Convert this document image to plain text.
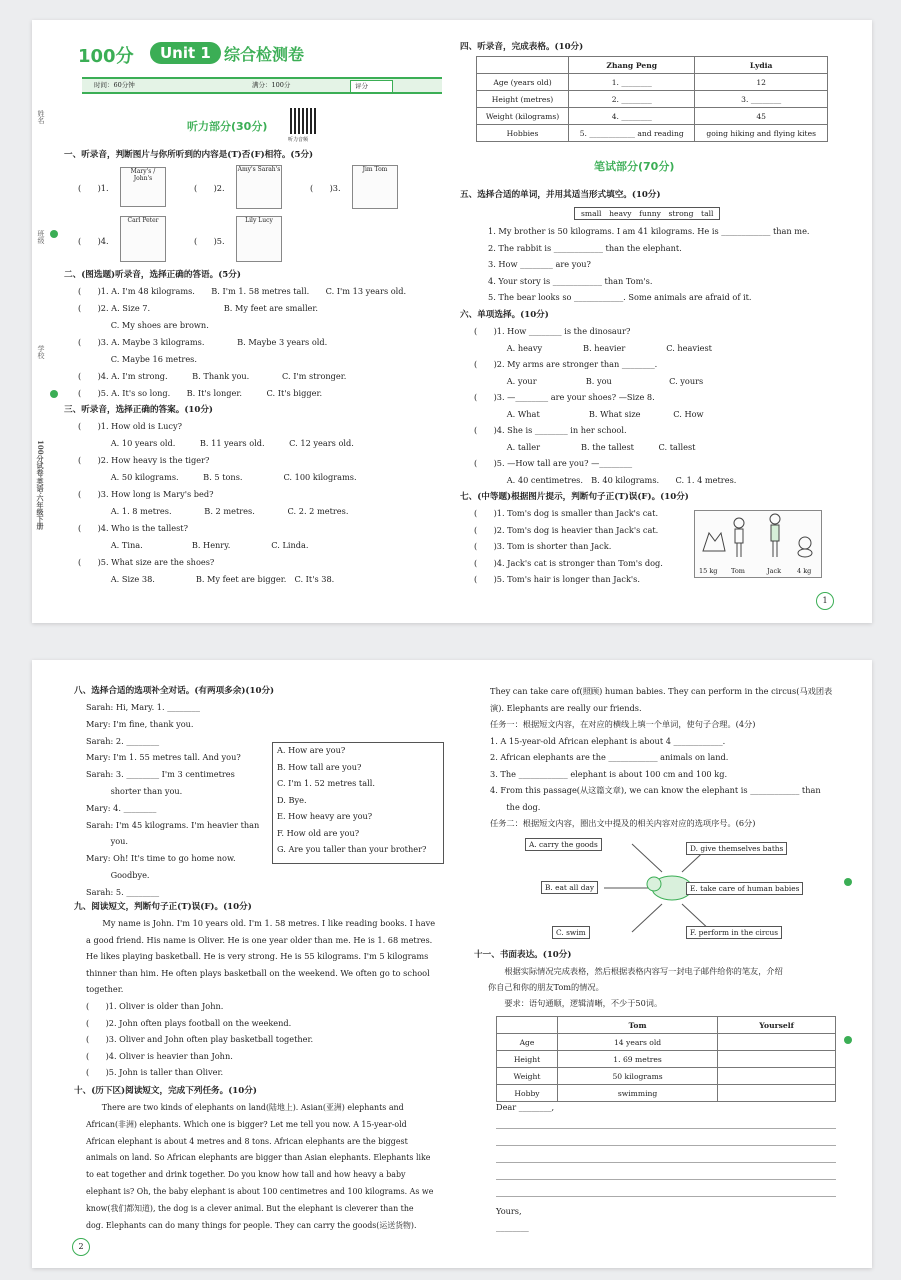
姓名
班级
学校
100分试卷·英语·六年级下册
100分	Unit 1 综合检测卷
时间：60分钟	满分：100分	评分
听力部分(30分)
听力音频
一、听录音，判断图片与你所听到的内容是(T)否(F)相符。(5分)
(　　)1.
Mary's / John's
(　　)2.
Amy's Sarah's
(　　)3.
Jim Tom
(　　)4.
Carl Peter
(　　)5.
Lily Lucy
二、(图选题)听录音，选择正确的答语。(5分)
(　　)1. A. I'm 48 kilograms.　　B. I'm 1. 58 metres tall.　　C. I'm 13 years old.
(　　)2. A. Size 7.　　　　　　　　　B. My feet are smaller.
　　　　C. My shoes are brown.
(　　)3. A. Maybe 3 kilograms.　　　　B. Maybe 3 years old.
　　　　C. Maybe 16 metres.
(　　)4. A. I'm strong.　　　B. Thank you.　　　　C. I'm stronger.
(　　)5. A. It's so long.　　B. It's longer.　　　C. It's bigger.
三、听录音，选择正确的答案。(10分)
(　　)1. How old is Lucy?
　　　　A. 10 years old.　　　B. 11 years old.　　　C. 12 years old.
(　　)2. How heavy is the tiger?
　　　　A. 50 kilograms.　　　B. 5 tons.　　　　　C. 100 kilograms.
(　　)3. How long is Mary's bed?
　　　　A. 1. 8 metres.　　　　B. 2 metres.　　　　C. 2. 2 metres.
(　　)4. Who is the tallest?
　　　　A. Tina.　　　　　　B. Henry.　　　　　C. Linda.
(　　)5. What size are the shoes?
　　　　A. Size 38.　　　　　B. My feet are bigger.　C. It's 38.
四、听录音，完成表格。(10分)
	Zhang Peng	Lydia
Age (years old)	1. ________	12
Height (metres)	2. ________	3. ________
Weight (kilograms)	4. ________	45
Hobbies	5. ____________ and reading	going hiking and flying kites
笔试部分(70分)
五、选择合适的单词，并用其适当形式填空。(10分)
small　heavy　funny　strong　tall
1. My brother is 50 kilograms. I am 41 kilograms. He is ____________ than me.
2. The rabbit is ____________ than the elephant.
3. How ________ are you?
4. Your story is ____________ than Tom's.
5. The bear looks so ____________. Some animals are afraid of it.
六、单项选择。(10分)
(　　)1. How ________ is the dinosaur?
　　　　A. heavy　　　　　B. heavier　　　　　C. heaviest
(　　)2. My arms are stronger than ________.
　　　　A. your　　　　　　B. you　　　　　　　C. yours
(　　)3. —________ are your shoes? —Size 8.
　　　　A. What　　　　　　B. What size　　　　C. How
(　　)4. She is ________ in her school.
　　　　A. taller　　　　　B. the tallest　　　C. tallest
(　　)5. —How tall are you? —________
　　　　A. 40 centimetres.　B. 40 kilograms.　　C. 1. 4 metres.
七、(中等题)根据图片提示，判断句子正(T)误(F)。(10分)
(　　)1. Tom's dog is smaller than Jack's cat.
(　　)2. Tom's dog is heavier than Jack's cat.
(　　)3. Tom is shorter than Jack.
(　　)4. Jack's cat is stronger than Tom's dog.
(　　)5. Tom's hair is longer than Jack's.
15 kg Tom	Jack 4 kg
1
八、选择合适的选项补全对话。(有两项多余)(10分)
Sarah: Hi, Mary. 1. ________
Mary: I'm fine, thank you.
Sarah: 2. ________
Mary: I'm 1. 55 metres tall. And you?
Sarah: 3. ________ I'm 3 centimetres
　　　shorter than you.
Mary: 4. ________
Sarah: I'm 45 kilograms. I'm heavier than
　　　you.
Mary: Oh! It's time to go home now.
　　　Goodbye.
Sarah: 5. ________
A. How are you?
B. How tall are you?
C. I'm 1. 52 metres tall.
D. Bye.
E. How heavy are you?
F. How old are you?
G. Are you taller than your brother?
九、阅读短文，判断句子正(T)误(F)。(10分)
　　My name is John. I'm 10 years old. I'm 1. 58 metres. I like reading books. I have
a good friend. His name is Oliver. He is one year older than me. He is 1. 68 metres.
He likes playing basketball. He is very strong. He is 55 kilograms. I'm 5 kilograms
thinner than him. He often plays basketball on the weekend. We often go to school
together.
(　　)1. Oliver is older than John.
(　　)2. John often plays football on the weekend.
(　　)3. Oliver and John often play basketball together.
(　　)4. Oliver is heavier than John.
(　　)5. John is taller than Oliver.
十、(历下区)阅读短文，完成下列任务。(10分)
　　There are two kinds of elephants on land(陆地上). Asian(亚洲) elephants and
African(非洲) elephants. Which one is bigger? Let me tell you now. A 15-year-old
African elephant is about 4 metres and 8 tons. African elephants are the biggest
animals on land. So African elephants are bigger than Asian elephants. Elephants like
to eat together and drink together. Do you know how tall and how heavy a baby
elephant is? Oh, the baby elephant is about 100 centimetres and 100 kilograms. As we
know(我们都知道), the dog is a clever animal. But the elephant is cleverer than the
dog. Elephants can do many things for people. They can carry the goods(运送货物).
They can take care of(照顾) human babies. They can perform in the circus(马戏团表
演). Elephants are really our friends.
任务一：根据短文内容，在对应的横线上填一个单词，使句子合理。(4分)
1. A 15-year-old African elephant is about 4 ____________.
2. African elephants are the ____________ animals on land.
3. The ____________ elephant is about 100 cm and 100 kg.
4. From this passage(从这篇文章), we can know the elephant is ____________ than
　　the dog.
任务二：根据短文内容，圈出文中提及的相关内容对应的选项序号。(6分)
A. carry the goods	D. give themselves baths
B. eat all day	E. take care of human babies
C. swim	F. perform in the circus
十一、书面表达。(10分)
　　根据实际情况完成表格，然后根据表格内容写一封电子邮件给你的笔友，介绍
你自己和你的朋友Tom的情况。
　　要求：语句通顺，逻辑清晰，不少于50词。
	Tom	Yourself
Age	14 years old	
Height	1. 69 metres	
Weight	50 kilograms	
Hobby	swimming	
Dear ________,
Yours,
________
2
